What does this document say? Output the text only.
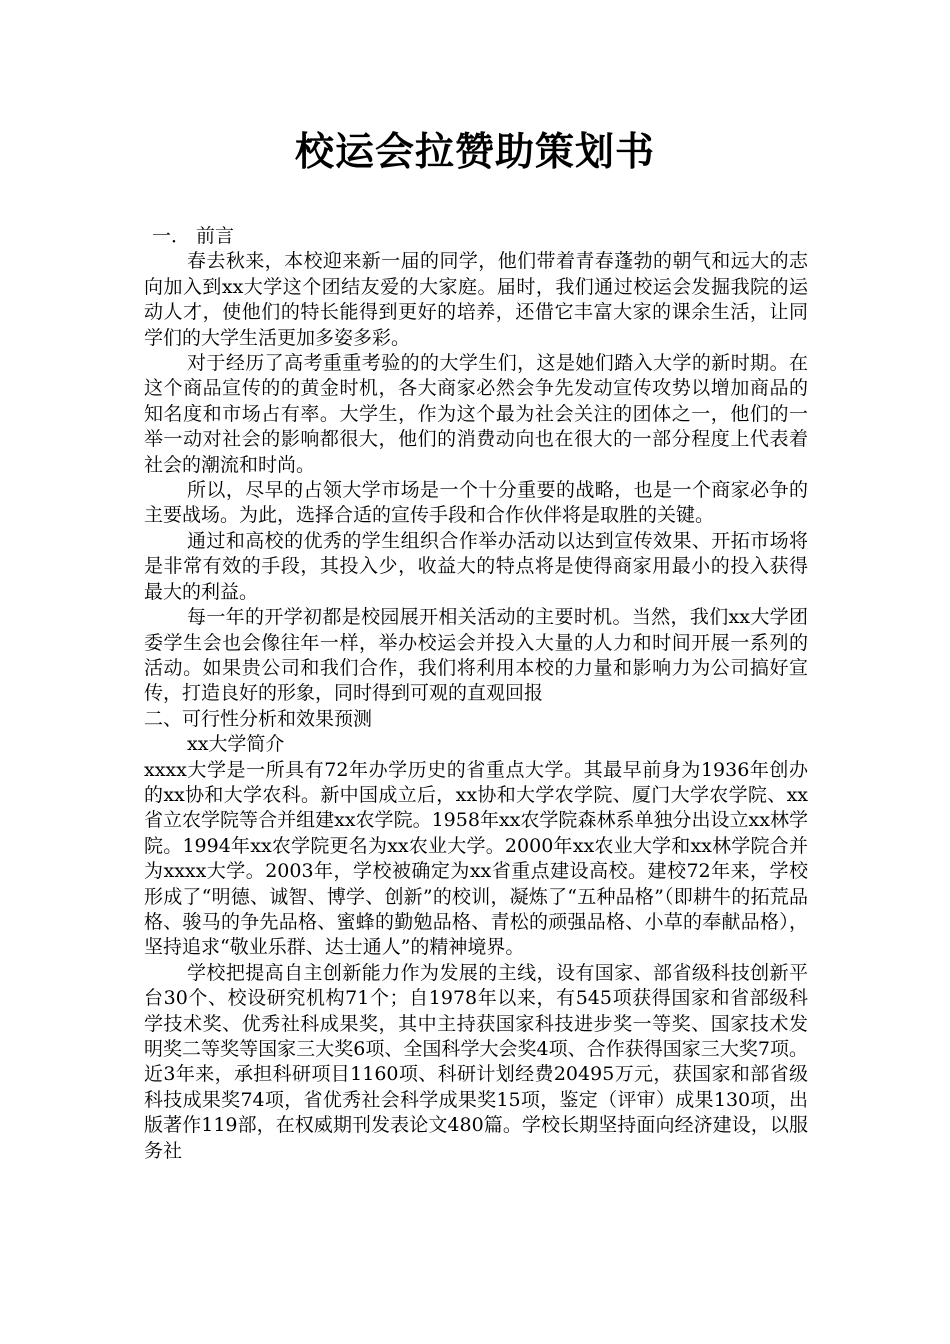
校运会拉赞助策划书

一． 前言

春去秋来，本校迎来新一届的同学，他们带着青春蓬勃的朝气和远大的志向加入到xx大学这个团结友爱的大家庭。届时，我们通过校运会发掘我院的运动人才，使他们的特长能得到更好的培养，还借它丰富大家的课余生活，让同学们的大学生活更加多姿多彩。

对于经历了高考重重考验的的大学生们，这是她们踏入大学的新时期。在这个商品宣传的的黄金时机，各大商家必然会争先发动宣传攻势以增加商品的知名度和市场占有率。大学生，作为这个最为社会关注的团体之一，他们的一举一动对社会的影响都很大，他们的消费动向也在很大的一部分程度上代表着社会的潮流和时尚。

所以，尽早的占领大学市场是一个十分重要的战略，也是一个商家必争的主要战场。为此，选择合适的宣传手段和合作伙伴将是取胜的关键。

通过和高校的优秀的学生组织合作举办活动以达到宣传效果、开拓市场将是非常有效的手段，其投入少，收益大的特点将是使得商家用最小的投入获得最大的利益。

每一年的开学初都是校园展开相关活动的主要时机。当然，我们xx大学团委学生会也会像往年一样，举办校运会并投入大量的人力和时间开展一系列的活动。如果贵公司和我们合作，我们将利用本校的力量和影响力为公司搞好宣传，打造良好的形象，同时得到可观的直观回报

二、可行性分析和效果预测

xx大学简介

xxxx大学是一所具有72年办学历史的省重点大学。其最早前身为1936年创办的xx协和大学农科。新中国成立后，xx协和大学农学院、厦门大学农学院、xx省立农学院等合并组建xx农学院。1958年xx农学院森林系单独分出设立xx林学院。1994年xx农学院更名为xx农业大学。2000年xx农业大学和xx林学院合并为xxxx大学。2003年，学校被确定为xx省重点建设高校。建校72年来，学校形成了“明德、诚智、博学、创新”的校训，凝炼了“五种品格”（即耕牛的拓荒品格、骏马的争先品格、蜜蜂的勤勉品格、青松的顽强品格、小草的奉献品格），坚持追求“敬业乐群、达士通人”的精神境界。

学校把提高自主创新能力作为发展的主线，设有国家、部省级科技创新平台30个、校设研究机构71个；自1978年以来，有545项获得国家和省部级科学技术奖、优秀社科成果奖，其中主持获国家科技进步奖一等奖、国家技术发明奖二等奖等国家三大奖6项、全国科学大会奖4项、合作获得国家三大奖7项。近3年来，承担科研项目1160项、科研计划经费20495万元，获国家和部省级科技成果奖74项，省优秀社会科学成果奖15项，鉴定（评审）成果130项，出版著作119部，在权威期刊发表论文480篇。学校长期坚持面向经济建设，以服务社
